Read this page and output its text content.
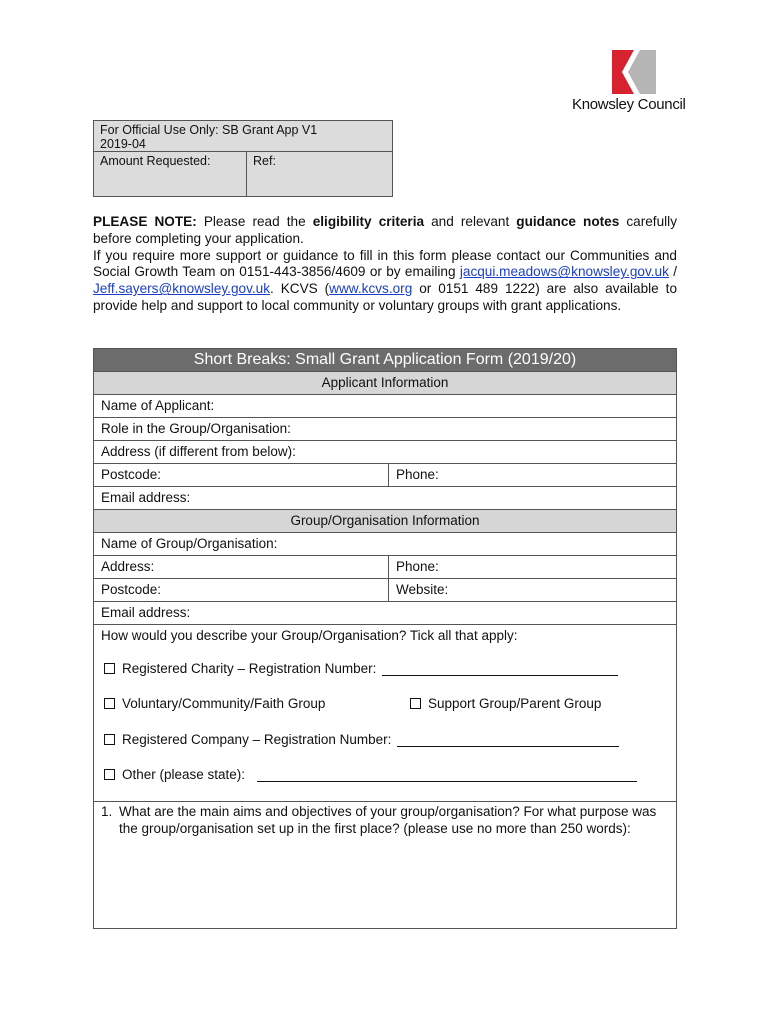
Knowsley Council
For Official Use Only: SB Grant App V1
2019-04
Amount Requested:	Ref:

PLEASE NOTE: Please read the eligibility criteria and relevant guidance notes carefully before completing your application.

If you require more support or guidance to fill in this form please contact our Communities and Social Growth Team on 0151-443-3856/4609 or by emailing jacqui.meadows@knowsley.gov.uk / Jeff.sayers@knowsley.gov.uk. KCVS (www.kcvs.org or 0151 489 1222) are also available to provide help and support to local community or voluntary groups with grant applications.

Short Breaks: Small Grant Application Form (2019/20)
Applicant Information
Name of Applicant:
Role in the Group/Organisation:
Address (if different from below):
Postcode:	Phone:
Email address:
Group/Organisation Information
Name of Group/Organisation:
Address:	Phone:
Postcode:	Website:
Email address:
How would you describe your Group/Organisation? Tick all that apply:
Registered Charity – Registration Number:
Voluntary/Community/Faith Group	Support Group/Parent Group
Registered Company – Registration Number:
Other (please state):
1. What are the main aims and objectives of your group/organisation? For what purpose was the group/organisation set up in the first place? (please use no more than 250 words):
